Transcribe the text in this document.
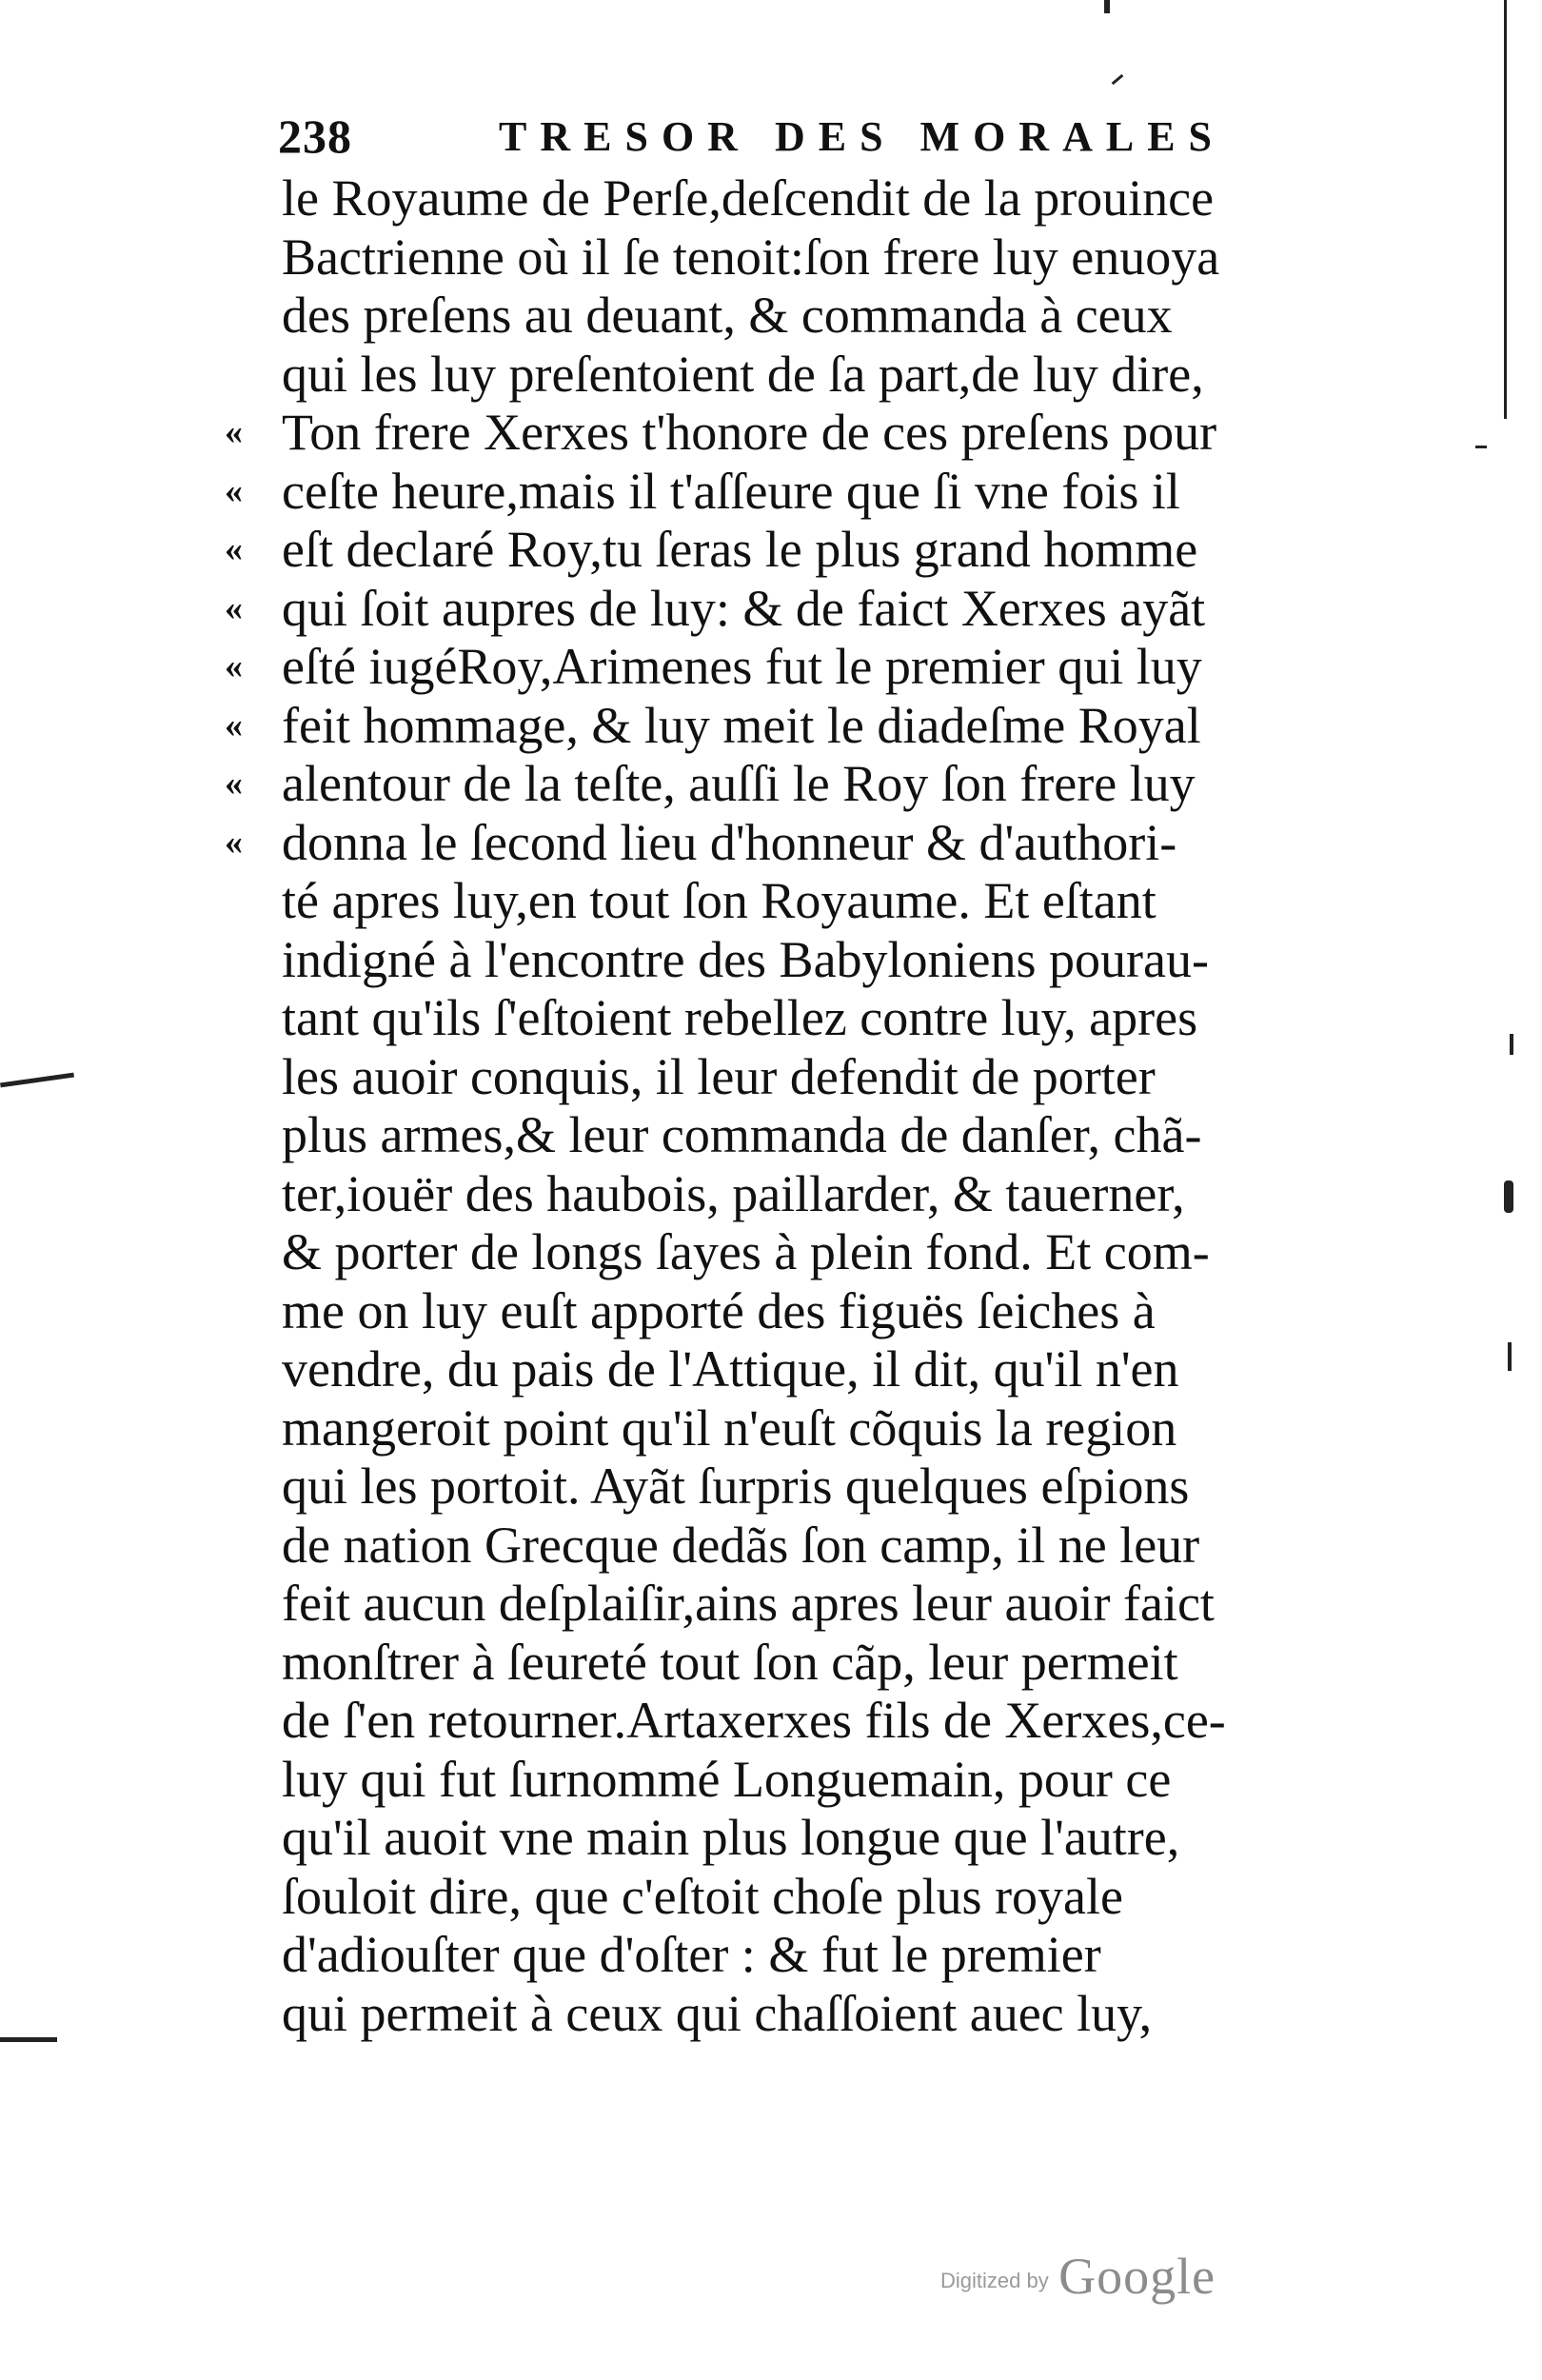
238	TRESOR DES MORALES
le Royaume de Perſe,deſcendit de la prouince
Bactrienne où il ſe tenoit:ſon frere luy enuoya
des preſens au deuant, & commanda à ceux
qui les luy preſentoient de ſa part,de luy dire,
« Ton frere Xerxes t'honore de ces preſens pour
« ceſte heure,mais il t'aſſeure que ſi vne fois il
« eſt declaré Roy,tu ſeras le plus grand homme
« qui ſoit aupres de luy: & de faict Xerxes ayãt
« eſté iugéRoy,Arimenes fut le premier qui luy
« feit hommage, & luy meit le diadeſme Royal
« alentour de la teſte, auſſi le Roy ſon frere luy
« donna le ſecond lieu d'honneur & d'authori-
té apres luy,en tout ſon Royaume. Et eſtant
indigné à l'encontre des Babyloniens pourau-
tant qu'ils ſ'eſtoient rebellez contre luy, apres
les auoir conquis, il leur defendit de porter
plus armes,& leur commanda de danſer, chã-
ter,iouër des haubois, paillarder, & tauerner,
& porter de longs ſayes à plein fond. Et com-
me on luy euſt apporté des figuës ſeiches à
vendre, du pais de l'Attique, il dit, qu'il n'en
mangeroit point qu'il n'euſt cõquis la region
qui les portoit. Ayãt ſurpris quelques eſpions
de nation Grecque dedãs ſon camp, il ne leur
feit aucun deſplaiſir,ains apres leur auoir faict
monſtrer à ſeureté tout ſon cãp, leur permeit
de ſ'en retourner.Artaxerxes fils de Xerxes,ce-
luy qui fut ſurnommé Longuemain, pour ce
qu'il auoit vne main plus longue que l'autre,
ſouloit dire, que c'eſtoit choſe plus royale
d'adiouſter que d'oſter : & fut le premier
qui permeit à ceux qui chaſſoient auec luy,
Digitized by Google
